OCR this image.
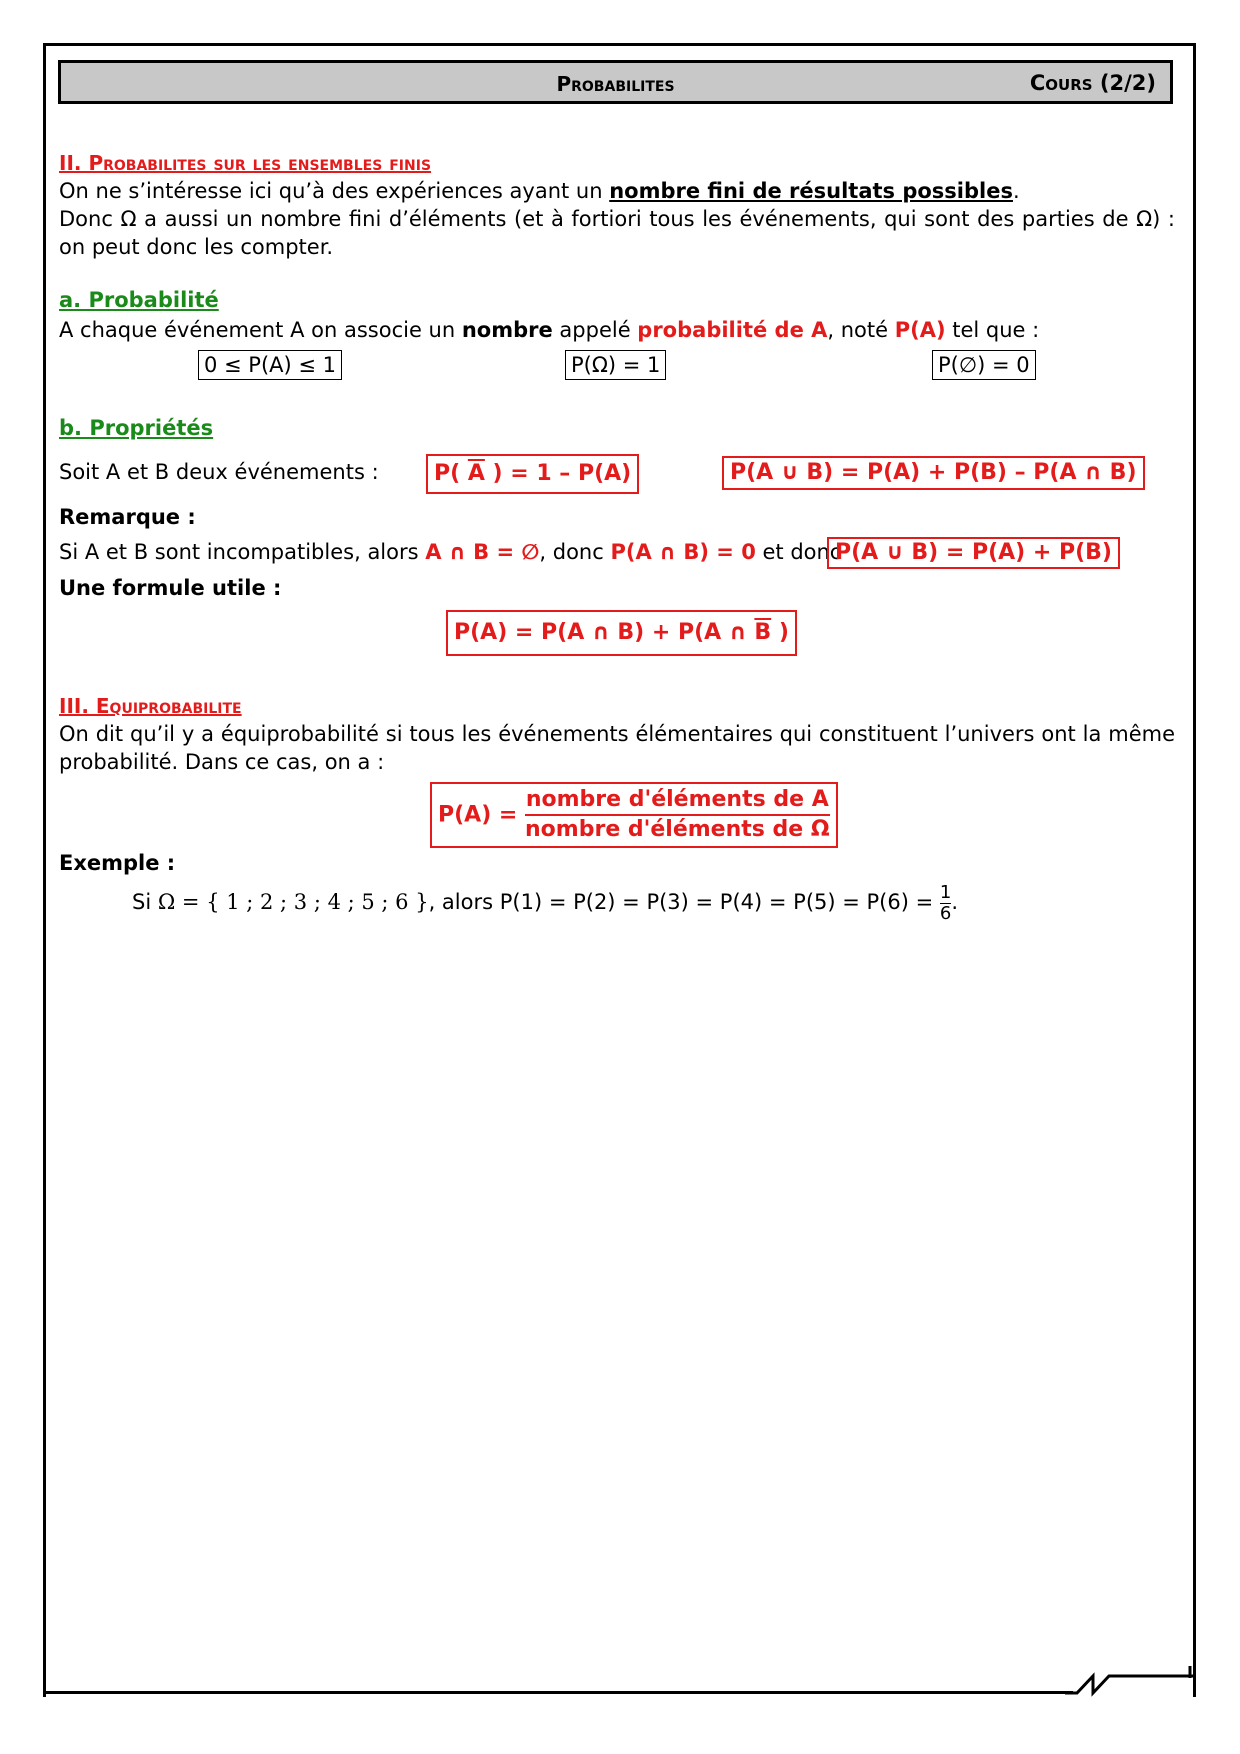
Probabilites	Cours (2/2)
II. Probabilites sur les ensembles finis
On ne s’intéresse ici qu’à des expériences ayant un nombre fini de résultats possibles.
Donc Ω a aussi un nombre fini d’éléments (et à fortiori tous les événements, qui sont des parties de Ω) : on peut donc les compter.
a. Probabilité
A chaque événement A on associe un nombre appelé probabilité de A, noté P(A) tel que :
0 ≤ P(A) ≤ 1	P(Ω) = 1	P(∅) = 0
b. Propriétés
Soit A et B deux événements :	P( $\overline{A}$ ) = 1 – P(A)	P(A ∪ B) = P(A) + P(B) – P(A ∩ B)
Remarque :
Si A et B sont incompatibles, alors A ∩ B = ∅, donc P(A ∩ B) = 0 et donc
P(A ∪ B) = P(A) + P(B)
Une formule utile :
P(A) = P(A ∩ B) + P(A ∩ $\overline{B}$ )
III. Equiprobabilite
On dit qu’il y a équiprobabilité si tous les événements élémentaires qui constituent l’univers ont la même probabilité. Dans ce cas, on a :
$P(A) = \frac{\text{nombre d'éléments de A}}{\text{nombre d'éléments de Ω}}$
Exemple :
Si Ω = { 1 ; 2 ; 3 ; 4 ; 5 ; 6 }, alors $P(1) = P(2) = P(3) = P(4) = P(5) = P(6) = \frac{1}{6}$.
